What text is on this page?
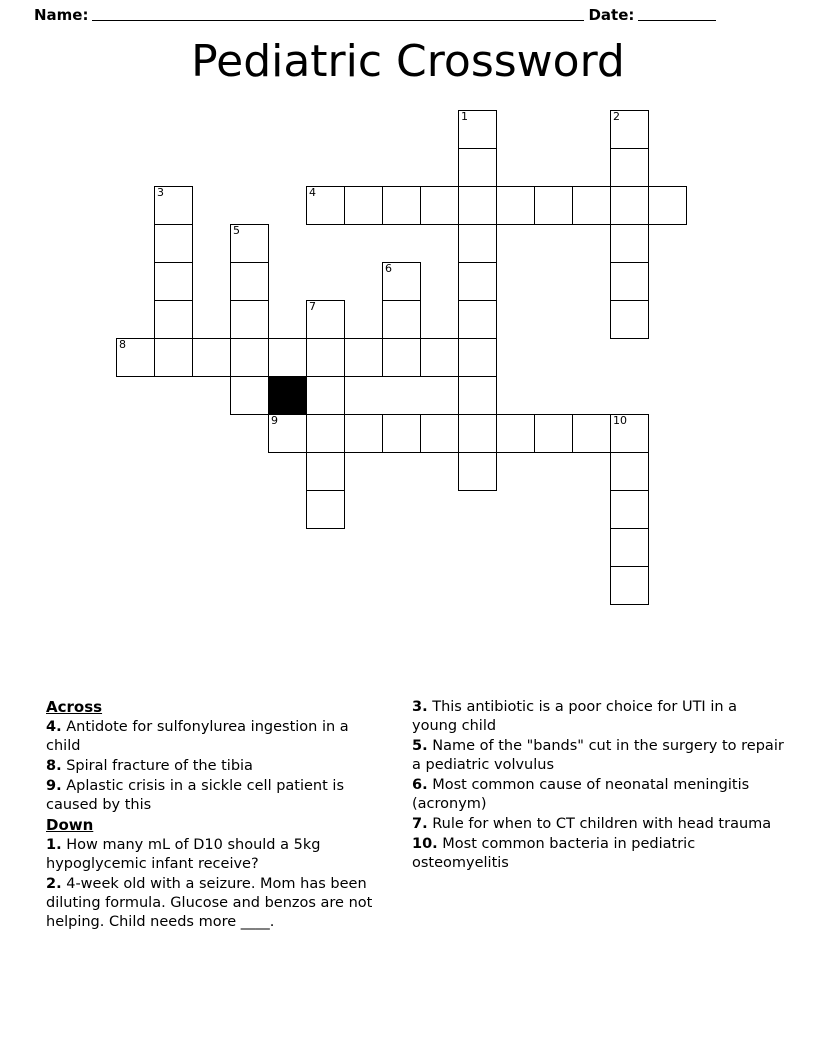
Name:	Date:
Pediatric Crossword
1	2
3	4
5
6
7
8
9	10

Across

4. Antidote for sulfonylurea ingestion in a child

8. Spiral fracture of the tibia

9. Aplastic crisis in a sickle cell patient is caused by this

Down

1. How many mL of D10 should a 5kg hypoglycemic infant receive?

2. 4-week old with a seizure. Mom has been diluting formula. Glucose and benzos are not helping. Child needs more ____.

3. This antibiotic is a poor choice for UTI in a young child

5. Name of the "bands" cut in the surgery to repair a pediatric volvulus

6. Most common cause of neonatal meningitis (acronym)

7. Rule for when to CT children with head trauma

10. Most common bacteria in pediatric osteomyelitis
